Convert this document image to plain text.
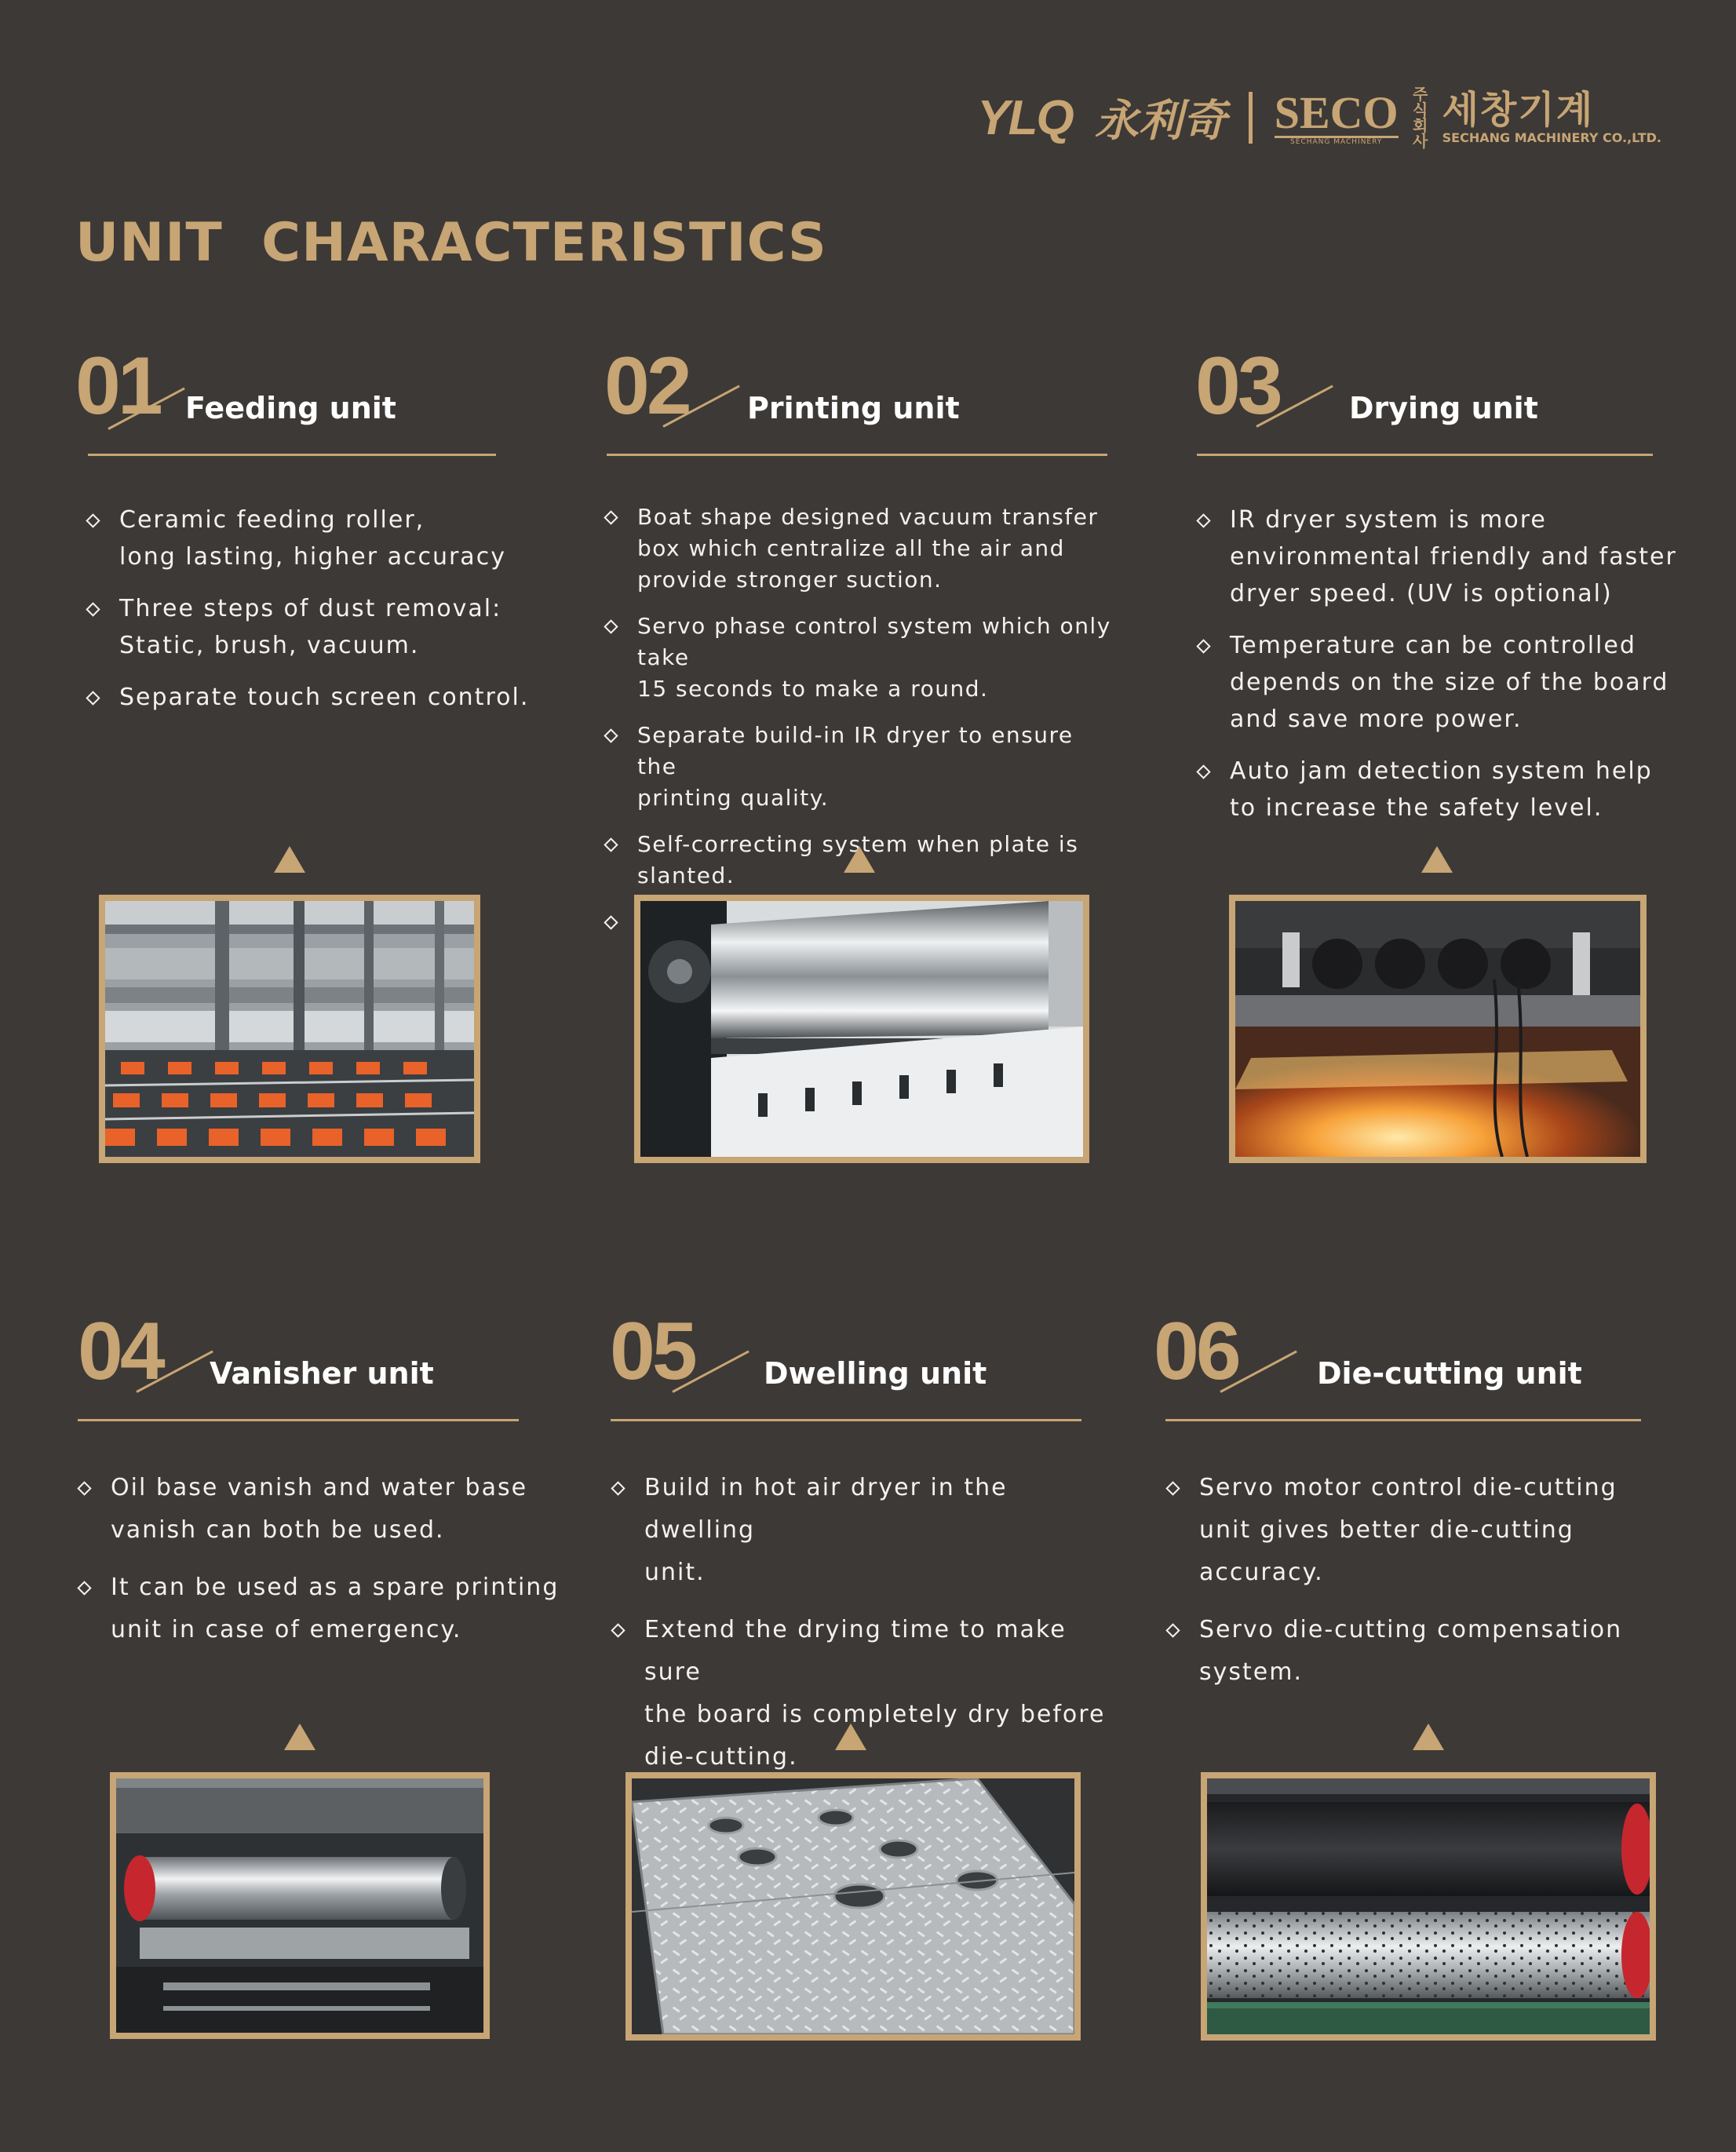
YLQ 永利奇 SECO
SECHANG MACHINERY
주식회사
세창기계
SECHANG MACHINERY CO.,LTD.
UNIT  CHARACTERISTICS

01 Feeding unit

Ceramic feeding roller,
long lasting, higher accuracy

Three steps of dust removal:
Static, brush, vacuum.

Separate touch screen control.

02 Printing unit

Boat shape designed vacuum transfer
box which centralize all the air and
provide stronger suction.

Servo phase control system which only take
15 seconds to make a round.

Separate build-in IR dryer to ensure the
printing quality.

Self-correcting system when plate is slanted.

03 Drying unit

IR dryer system is more
environmental friendly and faster
dryer speed. (UV is optional)

Temperature can be controlled
depends on the size of the board
and save more power.

Auto jam detection system help
to increase the safety level.

04 Vanisher unit

Oil base vanish and water base
vanish can both be used.

It can be used as a spare printing
unit in case of emergency.

05 Dwelling unit

Build in hot air dryer in the dwelling
unit.

Extend the drying time to make sure
the board is completely dry before
die-cutting.

06	Die-cutting unit

Servo motor control die-cutting
unit gives better die-cutting
accuracy.

Servo die-cutting compensation
system.
